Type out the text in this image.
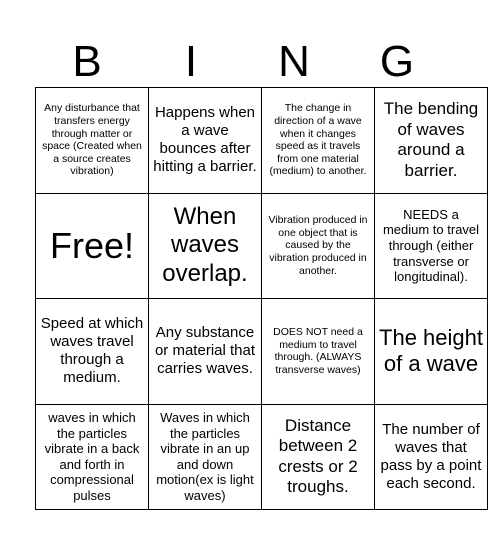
B	I	N	G
Any disturbance that transfers energy through matter or space (Created when a source creates vibration)	Happens when a wave bounces after hitting a barrier.	The change in direction of a wave when it changes speed as it travels from one material (medium) to another.	The bending of waves around a barrier.
Free!	When waves overlap.	Vibration produced in one object that is caused by the vibration produced in another.	NEEDS a medium to travel through (either transverse or longitudinal).
Speed at which waves travel through a medium.	Any substance or material that carries waves.	DOES NOT need a medium to travel through. (ALWAYS transverse waves)	The height of a wave
waves in which the particles vibrate in a back and forth in compressional pulses	Waves in which the particles vibrate in an up and down motion(ex is light waves)	Distance between 2 crests or 2 troughs.	The number of waves that pass by a point each second.
